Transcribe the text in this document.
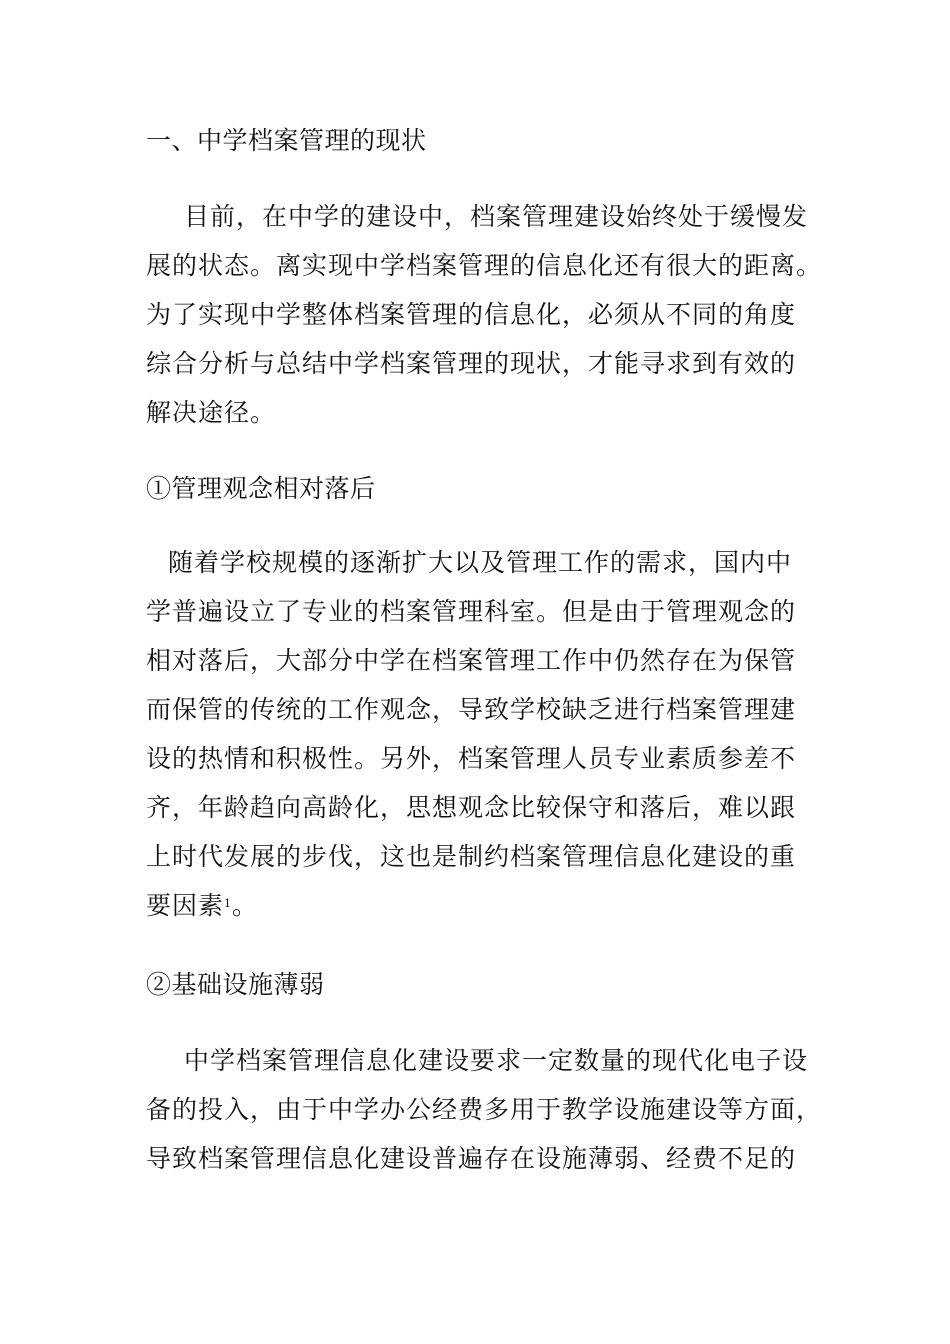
一、中学档案管理的现状
目前，在中学的建设中，档案管理建设始终处于缓慢发
展的状态。离实现中学档案管理的信息化还有很大的距离。
为了实现中学整体档案管理的信息化，必须从不同的角度
综合分析与总结中学档案管理的现状，才能寻求到有效的
解决途径。
①管理观念相对落后
随着学校规模的逐渐扩大以及管理工作的需求，国内中
学普遍设立了专业的档案管理科室。但是由于管理观念的
相对落后，大部分中学在档案管理工作中仍然存在为保管
而保管的传统的工作观念，导致学校缺乏进行档案管理建
设的热情和积极性。另外，档案管理人员专业素质参差不
齐，年龄趋向高龄化，思想观念比较保守和落后，难以跟
上时代发展的步伐，这也是制约档案管理信息化建设的重
要因素$^1$。
②基础设施薄弱
中学档案管理信息化建设要求一定数量的现代化电子设
备的投入，由于中学办公经费多用于教学设施建设等方面，
导致档案管理信息化建设普遍存在设施薄弱、经费不足的
